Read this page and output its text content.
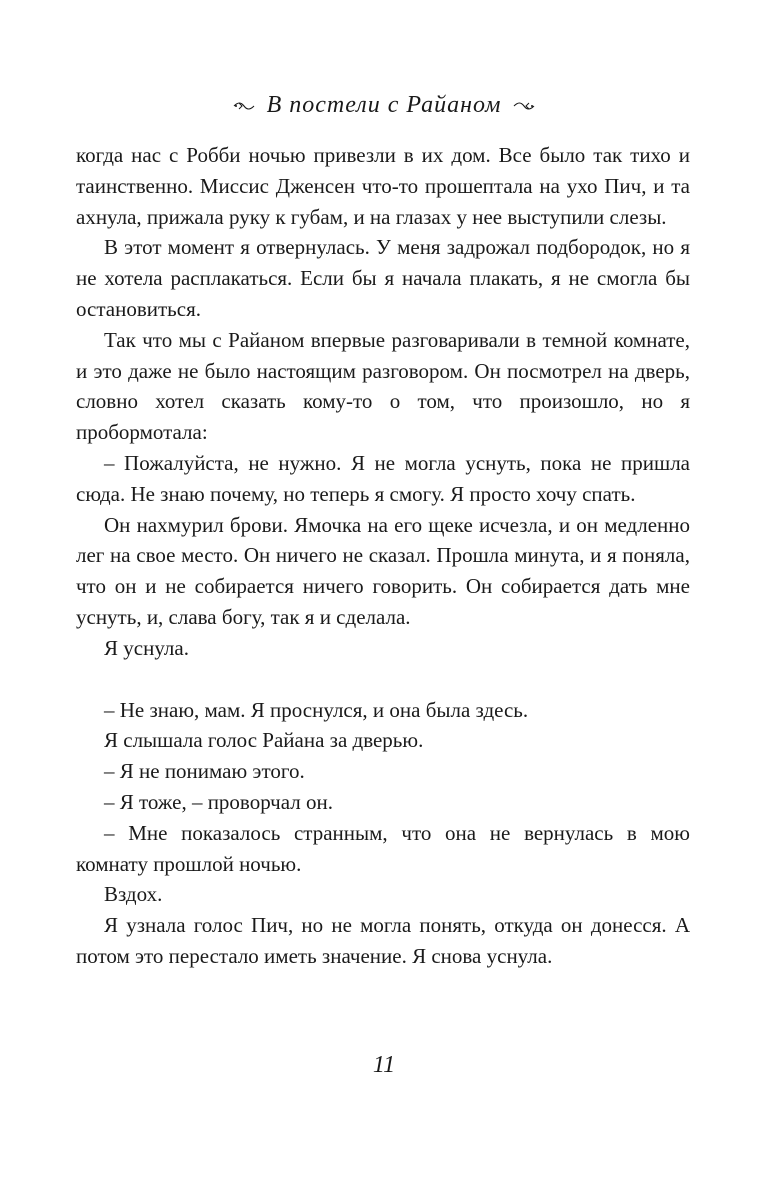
В постели с Райаном

когда нас с Робби ночью привезли в их дом. Все было так тихо и таинственно. Миссис Дженсен что-то прошептала на ухо Пич, и та ахнула, прижала руку к губам, и на глазах у нее выступили слезы.

В этот момент я отвернулась. У меня задрожал подбородок, но я не хотела расплакаться. Если бы я начала плакать, я не смогла бы остановиться.

Так что мы с Райаном впервые разговаривали в темной комнате, и это даже не было настоящим разговором. Он посмотрел на дверь, словно хотел сказать кому-то о том, что произошло, но я пробормотала:

– Пожалуйста, не нужно. Я не могла уснуть, пока не пришла сюда. Не знаю почему, но теперь я смогу. Я просто хочу спать.

Он нахмурил брови. Ямочка на его щеке исчезла, и он медленно лег на свое место. Он ничего не сказал. Прошла минута, и я поняла, что он и не собирается ничего говорить. Он собирается дать мне уснуть, и, слава богу, так я и сделала.

Я уснула.

– Не знаю, мам. Я проснулся, и она была здесь.

Я слышала голос Райана за дверью.

– Я не понимаю этого.

– Я тоже, – проворчал он.

– Мне показалось странным, что она не вернулась в мою комнату прошлой ночью.

Вздох.

Я узнала голос Пич, но не могла понять, откуда он донесся. А потом это перестало иметь значение. Я снова уснула.

11
